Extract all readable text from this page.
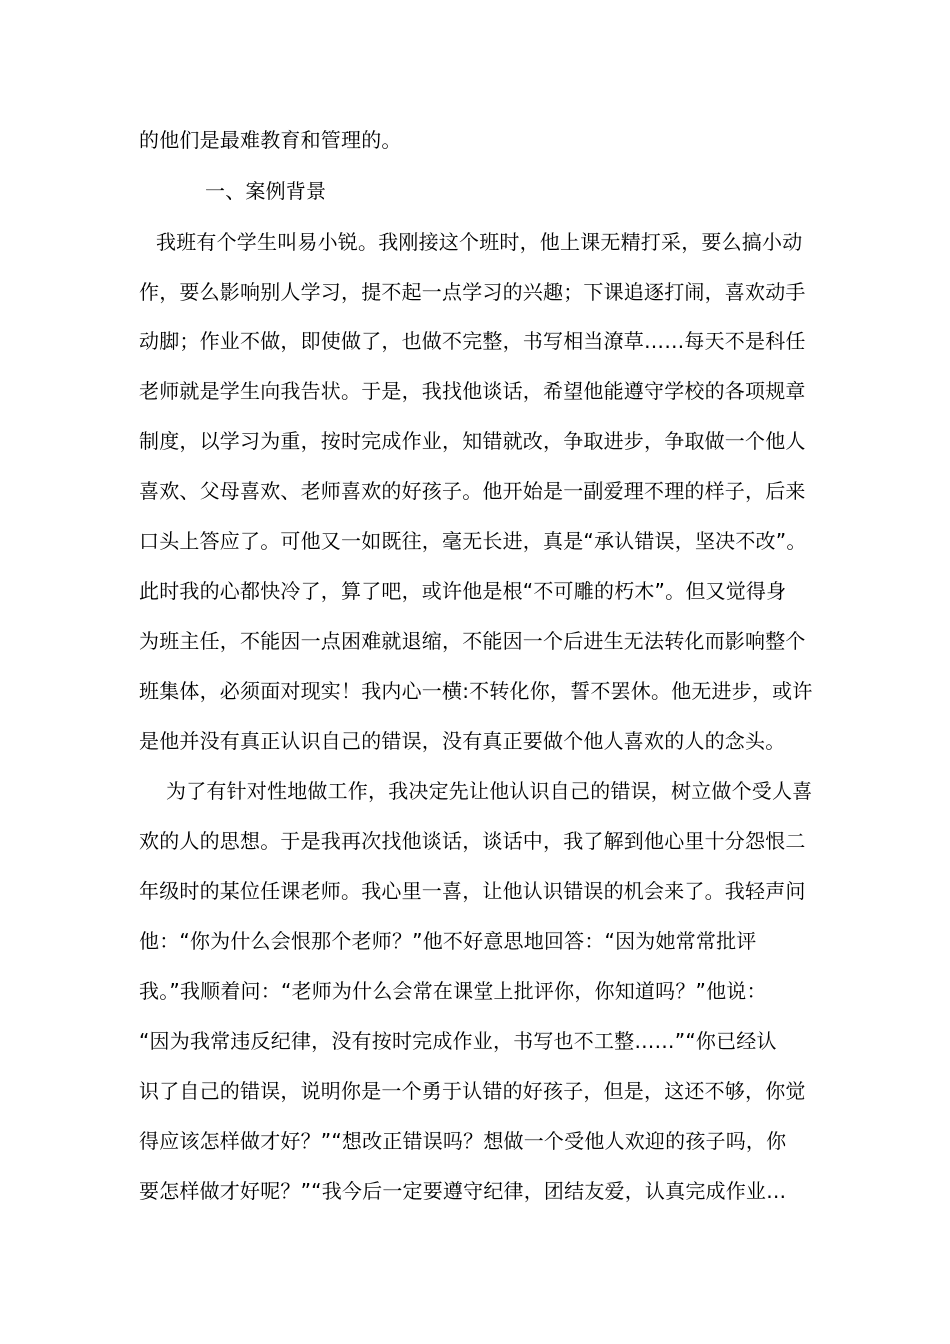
的他们是最难教育和管理的。
一、案例背景
我班有个学生叫易小锐。我刚接这个班时，他上课无精打采，要么搞小动
作，要么影响别人学习，提不起一点学习的兴趣；下课追逐打闹，喜欢动手
动脚；作业不做，即使做了，也做不完整，书写相当潦草……每天不是科任
老师就是学生向我告状。于是，我找他谈话，希望他能遵守学校的各项规章
制度，以学习为重，按时完成作业，知错就改，争取进步，争取做一个他人
喜欢、父母喜欢、老师喜欢的好孩子。他开始是一副爱理不理的样子，后来
口头上答应了。可他又一如既往，毫无长进，真是“承认错误，坚决不改”。
此时我的心都快冷了，算了吧，或许他是根“不可雕的朽木”。但又觉得身
为班主任，不能因一点困难就退缩，不能因一个后进生无法转化而影响整个
班集体，必须面对现实！我内心一横:不转化你，誓不罢休。他无进步，或许
是他并没有真正认识自己的错误，没有真正要做个他人喜欢的人的念头。
为了有针对性地做工作，我决定先让他认识自己的错误，树立做个受人喜
欢的人的思想。于是我再次找他谈话，谈话中，我了解到他心里十分怨恨二
年级时的某位任课老师。我心里一喜，让他认识错误的机会来了。我轻声问
他：“你为什么会恨那个老师？”他不好意思地回答：“因为她常常批评
我。”我顺着问：“老师为什么会常在课堂上批评你，你知道吗？”他说：
“因为我常违反纪律，没有按时完成作业，书写也不工整……”“你已经认
识了自己的错误，说明你是一个勇于认错的好孩子，但是，这还不够，你觉
得应该怎样做才好？”“想改正错误吗？想做一个受他人欢迎的孩子吗，你
要怎样做才好呢？”“我今后一定要遵守纪律，团结友爱，认真完成作业…
